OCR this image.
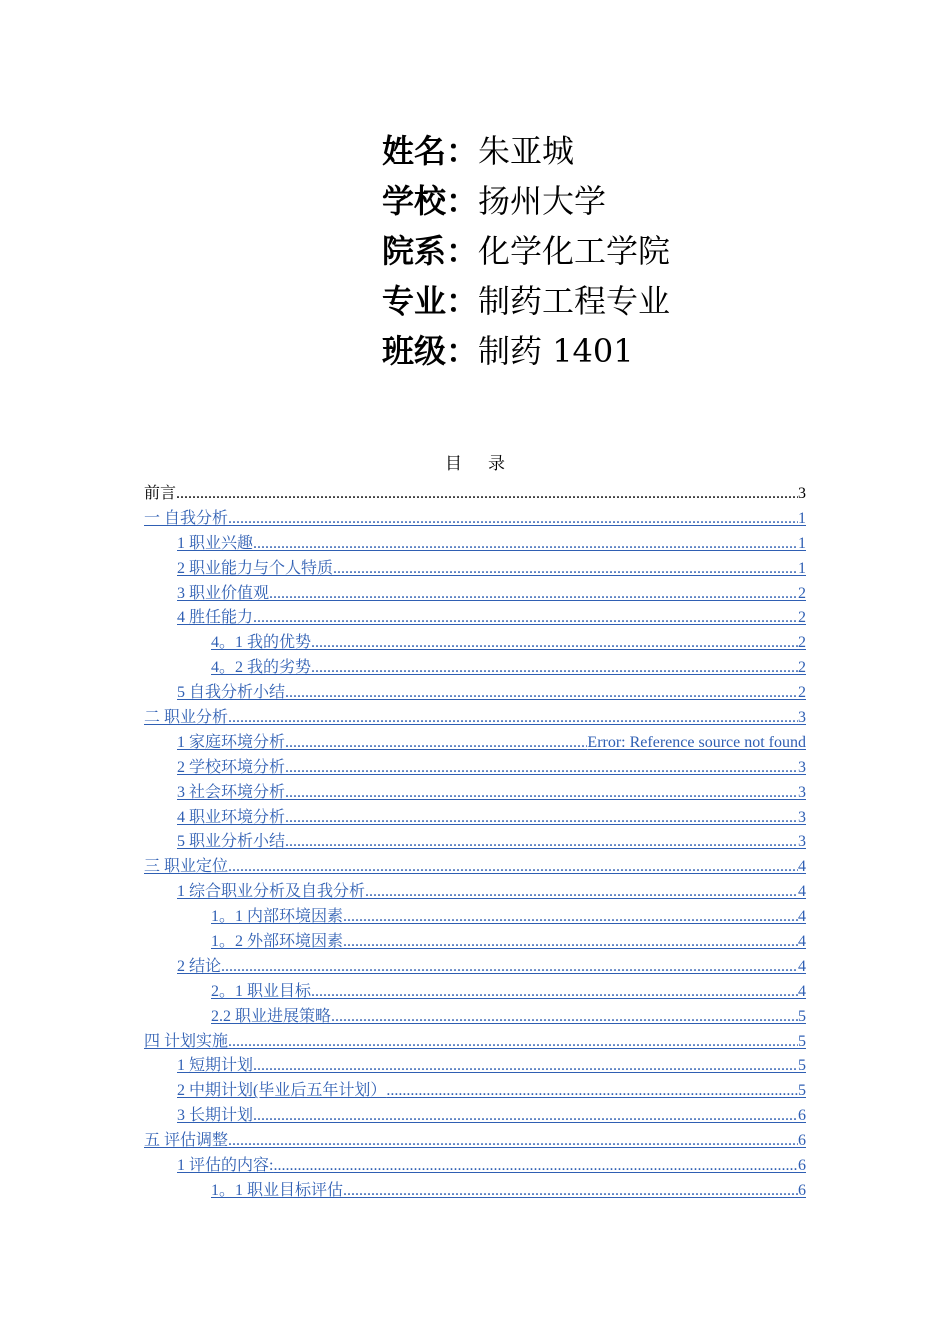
姓名：朱亚城
学校：扬州大学
院系：化学化工学院
专业：制药工程专业
班级：制药 1401
目 录
前言 .....	3
一 自我分析 .....	1
1 职业兴趣 .....	1
2 职业能力与个人特质 .....	1
3 职业价值观 .....	2
4 胜任能力 .....	2
4。1 我的优势 .....	2
4。2 我的劣势 .....	2
5 自我分析小结 .....	2
二 职业分析 .....	3
1 家庭环境分析 .....	Error: Reference source not found
2 学校环境分析 .....	3
3 社会环境分析 .....	3
4 职业环境分析 .....	3
5 职业分析小结 .....	3
三 职业定位 .....	4
1 综合职业分析及自我分析 .....	4
1。1 内部环境因素 .....	4
1。2 外部环境因素 .....	4
2 结论 .....	4
2。1 职业目标 .....	4
2.2 职业进展策略 .....	5
四 计划实施 .....	5
1 短期计划 .....	5
2 中期计划(毕业后五年计划） .....	5
3 长期计划 .....	6
五 评估调整 .....	6
1 评估的内容: .....	6
1。1 职业目标评估 .....	6
